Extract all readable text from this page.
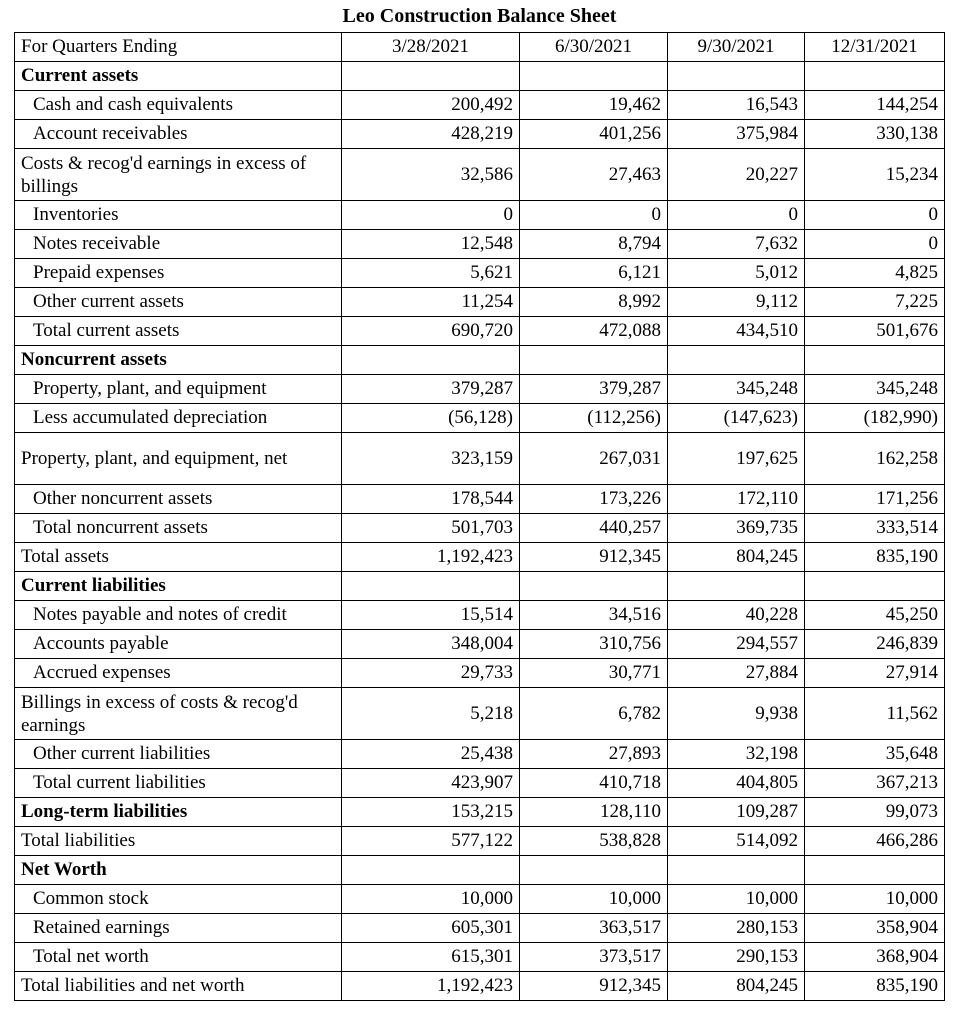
Leo Construction Balance Sheet
For Quarters Ending	3/28/2021	6/30/2021	9/30/2021	12/31/2021
Current assets				
Cash and cash equivalents	200,492	19,462	16,543	144,254
Account receivables	428,219	401,256	375,984	330,138
Costs & recog'd earnings in excess of billings	32,586	27,463	20,227	15,234
Inventories	0	0	0	0
Notes receivable	12,548	8,794	7,632	0
Prepaid expenses	5,621	6,121	5,012	4,825
Other current assets	11,254	8,992	9,112	7,225
Total current assets	690,720	472,088	434,510	501,676
Noncurrent assets				
Property, plant, and equipment	379,287	379,287	345,248	345,248
Less accumulated depreciation	(56,128)	(112,256)	(147,623)	(182,990)
Property, plant, and equipment, net	323,159	267,031	197,625	162,258
Other noncurrent assets	178,544	173,226	172,110	171,256
Total noncurrent assets	501,703	440,257	369,735	333,514
Total assets	1,192,423	912,345	804,245	835,190
Current liabilities				
Notes payable and notes of credit	15,514	34,516	40,228	45,250
Accounts payable	348,004	310,756	294,557	246,839
Accrued expenses	29,733	30,771	27,884	27,914
Billings in excess of costs & recog'd earnings	5,218	6,782	9,938	11,562
Other current liabilities	25,438	27,893	32,198	35,648
Total current liabilities	423,907	410,718	404,805	367,213
Long-term liabilities	153,215	128,110	109,287	99,073
Total liabilities	577,122	538,828	514,092	466,286
Net Worth				
Common stock	10,000	10,000	10,000	10,000
Retained earnings	605,301	363,517	280,153	358,904
Total net worth	615,301	373,517	290,153	368,904
Total liabilities and net worth	1,192,423	912,345	804,245	835,190
